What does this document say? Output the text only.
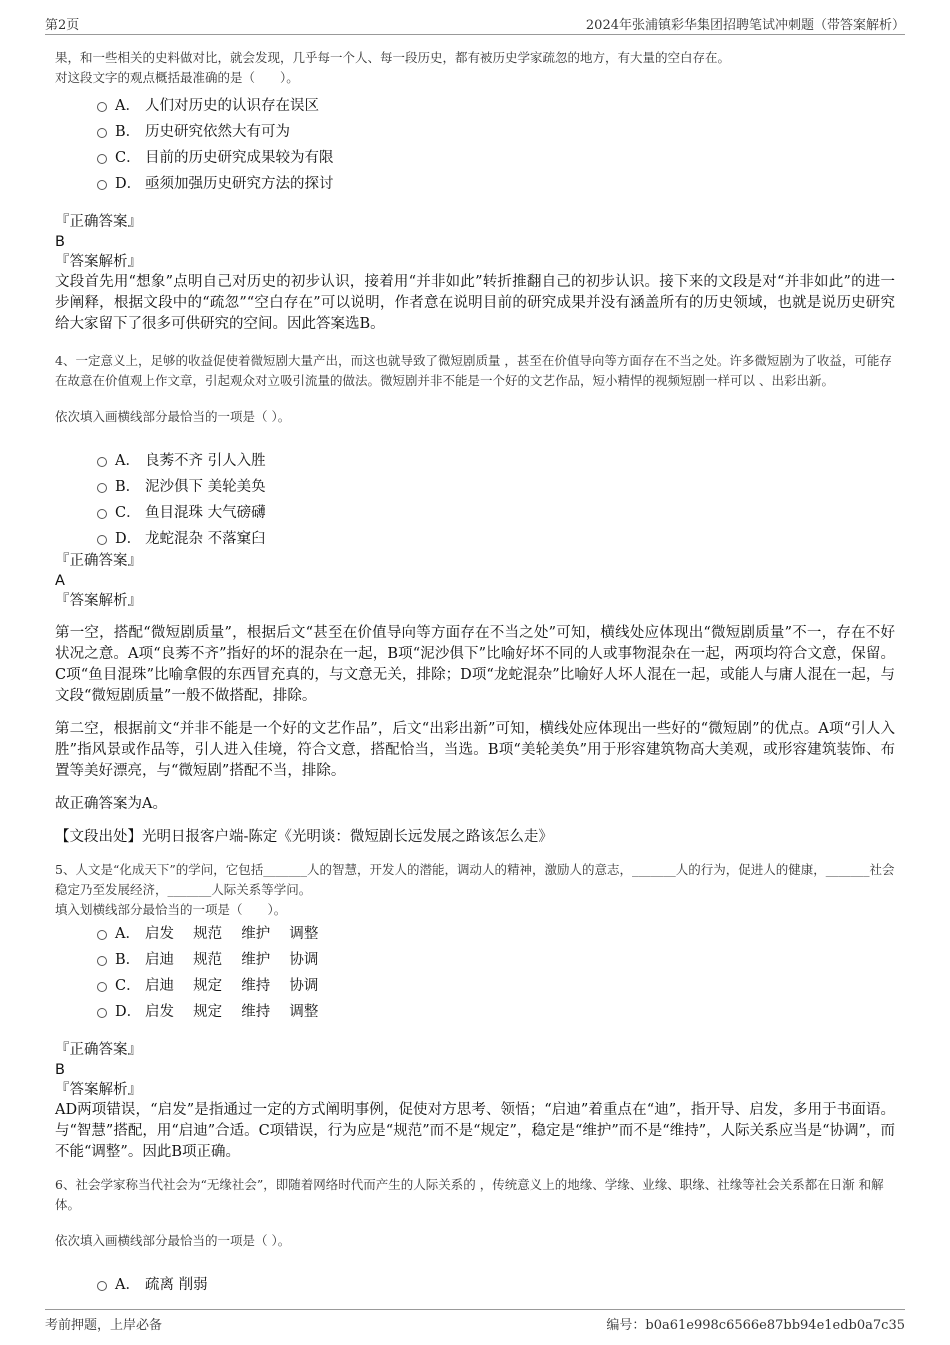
第2页	2024年张浦镇彩华集团招聘笔试冲刺题（带答案解析）

果，和一些相关的史料做对比，就会发现，几乎每一个人、每一段历史，都有被历史学家疏忽的地方，有大量的空白存在。

对这段文字的观点概括最准确的是（　　）。

A． 人们对历史的认识存在误区
B． 历史研究依然大有可为
C． 目前的历史研究成果较为有限
D． 亟须加强历史研究方法的探讨

『正确答案』

B

『答案解析』

文段首先用“想象”点明自己对历史的初步认识，接着用“并非如此”转折推翻自己的初步认识。接下来的文段是对“并非如此”的进一步阐释，根据文段中的“疏忽”“空白存在”可以说明，作者意在说明目前的研究成果并没有涵盖所有的历史领域，也就是说历史研究给大家留下了很多可供研究的空间。因此答案选B。

4、一定意义上，足够的收益促使着微短剧大量产出，而这也就导致了微短剧质量 ，甚至在价值导向等方面存在不当之处。许多微短剧为了收益，可能存在故意在价值观上作文章，引起观众对立吸引流量的做法。微短剧并非不能是一个好的文艺作品，短小精悍的视频短剧一样可以 、出彩出新。

依次填入画横线部分最恰当的一项是（ ）。

A． 良莠不齐 引人入胜
B． 泥沙俱下 美轮美奂
C． 鱼目混珠 大气磅礴
D． 龙蛇混杂 不落窠臼

『正确答案』

A

『答案解析』

第一空，搭配“微短剧质量”，根据后文“甚至在价值导向等方面存在不当之处”可知，横线处应体现出“微短剧质量”不一，存在不好状况之意。A项“良莠不齐”指好的坏的混杂在一起，B项“泥沙俱下”比喻好坏不同的人或事物混杂在一起，两项均符合文意，保留。C项“鱼目混珠”比喻拿假的东西冒充真的，与文意无关，排除；D项“龙蛇混杂”比喻好人坏人混在一起，或能人与庸人混在一起，与文段“微短剧质量”一般不做搭配，排除。

第二空，根据前文“并非不能是一个好的文艺作品”，后文“出彩出新”可知，横线处应体现出一些好的“微短剧”的优点。A项“引人入胜”指风景或作品等，引人进入佳境，符合文意，搭配恰当，当选。B项“美轮美奂”用于形容建筑物高大美观，或形容建筑装饰、布置等美好漂亮，与“微短剧”搭配不当，排除。

故正确答案为A。

【文段出处】光明日报客户端-陈定《光明谈：微短剧长远发展之路该怎么走》

5、人文是“化成天下”的学问，它包括_______人的智慧，开发人的潜能，调动人的精神，激励人的意志，_______人的行为，促进人的健康，_______社会稳定乃至发展经济，_______人际关系等学问。

填入划横线部分最恰当的一项是（　　）。

A． 启发　 规范　 维护　 调整
B． 启迪　 规范　 维护　 协调
C． 启迪　 规定　 维持　 协调
D． 启发　 规定　 维持　 调整

『正确答案』

B

『答案解析』

AD两项错误，“启发”是指通过一定的方式阐明事例，促使对方思考、领悟；“启迪”着重点在“迪”，指开导、启发，多用于书面语。与“智慧”搭配，用“启迪”合适。C项错误，行为应是“规范”而不是“规定”，稳定是“维护”而不是“维持”，人际关系应当是“协调”，而不能“调整”。因此B项正确。

6、社会学家称当代社会为“无缘社会”，即随着网络时代而产生的人际关系的 ，传统意义上的地缘、学缘、业缘、职缘、社缘等社会关系都在日渐 和解体。

依次填入画横线部分最恰当的一项是（ ）。

A． 疏离 削弱
考前押题，上岸必备	编号：b0a61e998c6566e87bb94e1edb0a7c35
